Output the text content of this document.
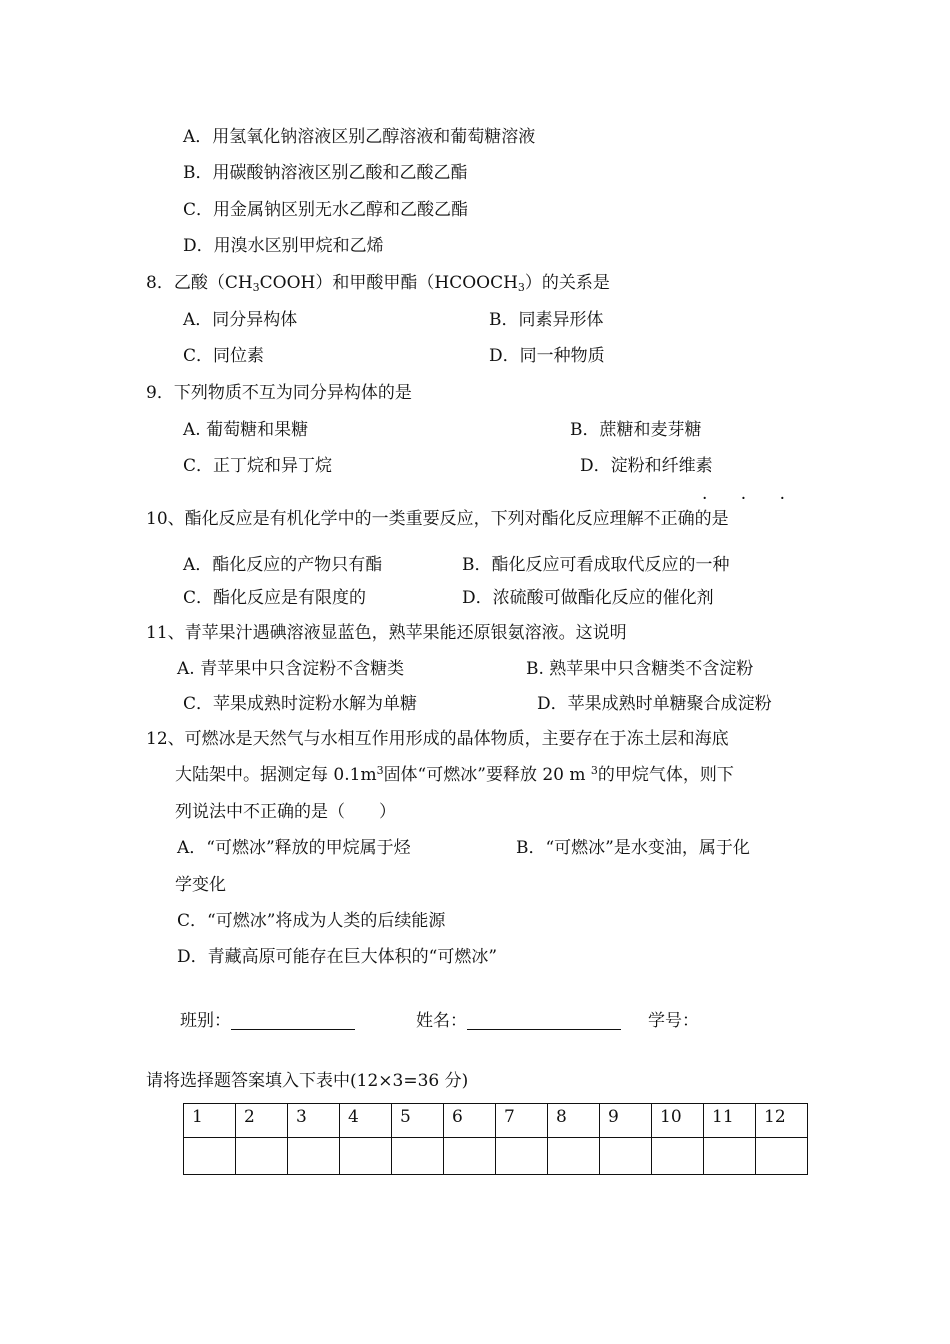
A．用氢氧化钠溶液区别乙醇溶液和葡萄糖溶液
B．用碳酸钠溶液区别乙酸和乙酸乙酯
C．用金属钠区别无水乙醇和乙酸乙酯
D．用溴水区别甲烷和乙烯
8．乙酸$(CH_3COOH)$和甲酸甲酯$(HCOOCH_3)$的关系是
A．同分异构体	B．同素异形体
C．同位素	D．同一种物质
9．下列物质不互为同分异构体的是
A. 葡萄糖和果糖	B．蔗糖和麦芽糖
C．正丁烷和异丁烷	D．淀粉和纤维素
· · ·
10、酯化反应是有机化学中的一类重要反应，下列对酯化反应理解不正确的是
A．酯化反应的产物只有酯	B．酯化反应可看成取代反应的一种
C．酯化反应是有限度的	D．浓硫酸可做酯化反应的催化剂
11、青苹果汁遇碘溶液显蓝色，熟苹果能还原银氨溶液。这说明
A. 青苹果中只含淀粉不含糖类	B. 熟苹果中只含糖类不含淀粉
C．苹果成熟时淀粉水解为单糖	D．苹果成熟时单糖聚合成淀粉
12、可燃冰是天然气与水相互作用形成的晶体物质，主要存在于冻土层和海底
大陆架中。据测定每 $0.1m^3$固体“可燃冰”要释放 20 m $^3$的甲烷气体，则下
列说法中不正确的是（　　）
A．“可燃冰”释放的甲烷属于烃	B．“可燃冰”是水变油，属于化
学变化
C．“可燃冰”将成为人类的后续能源
D．青藏高原可能存在巨大体积的“可燃冰”
班别：	姓名：	学号：
请将选择题答案填入下表中(12×3=36 分)
1	2	3	4	5	6	7	8	9	10	11	12
